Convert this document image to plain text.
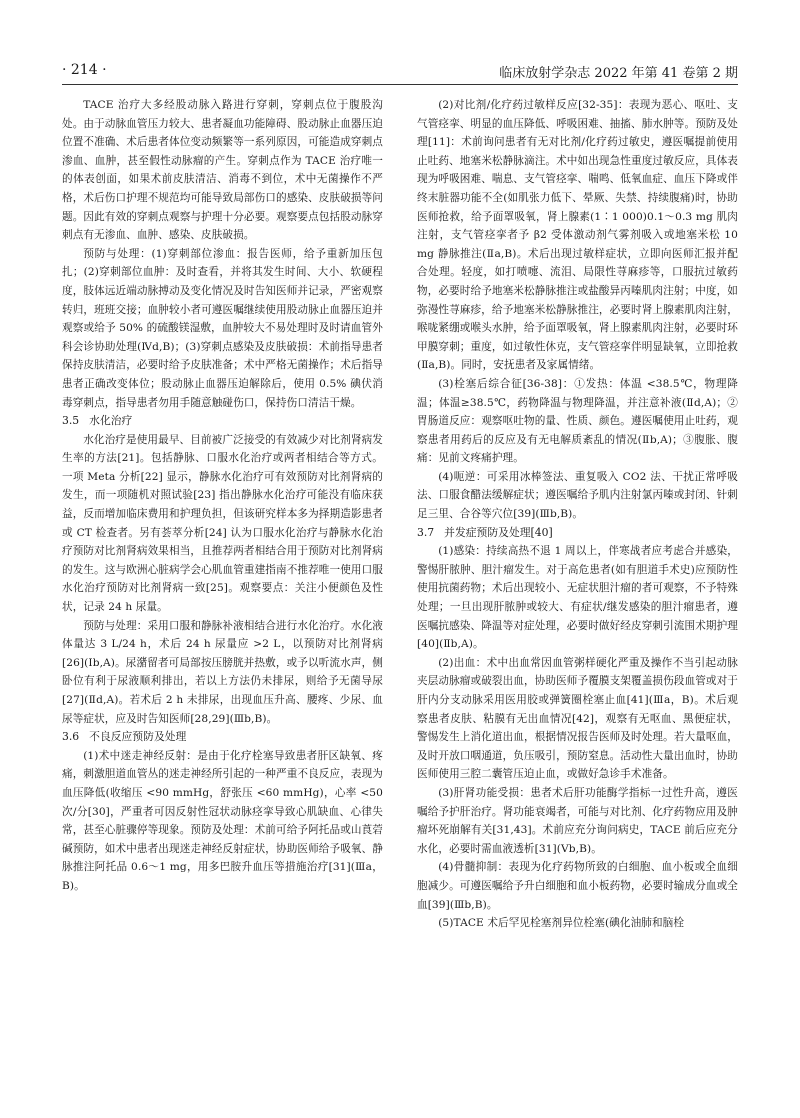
· 214 ·	临床放射学杂志 2022 年第 41 卷第 2 期

TACE 治疗大多经股动脉入路进行穿刺，穿刺点位于腹股沟处。由于动脉血管压力较大、患者凝血功能障碍、股动脉止血器压迫位置不准确、术后患者体位变动频繁等一系列原因，可能造成穿刺点渗血、血肿，甚至假性动脉瘤的产生。穿刺点作为 TACE 治疗唯一的体表创面，如果术前皮肤清洁、消毒不到位，术中无菌操作不严格，术后伤口护理不规范均可能导致局部伤口的感染、皮肤破损等问题。因此有效的穿刺点观察与护理十分必要。观察要点包括股动脉穿刺点有无渗血、血肿、感染、皮肤破损。

预防与处理：(1)穿刺部位渗血：报告医师，给予重新加压包扎；(2)穿刺部位血肿：及时查看，并将其发生时间、大小、软硬程度，肢体远近端动脉搏动及变化情况及时告知医师并记录，严密观察转归，班班交接；血肿较小者可遵医嘱继续使用股动脉止血器压迫并观察或给予 50% 的硫酸镁湿敷，血肿较大不易处理时及时请血管外科会诊协助处理(Ⅳd,B)；(3)穿刺点感染及皮肤破损：术前指导患者保持皮肤清洁，必要时给予皮肤准备；术中严格无菌操作；术后指导患者正确改变体位；股动脉止血器压迫解除后，使用 0.5% 碘伏消毒穿刺点，指导患者勿用手随意触碰伤口，保持伤口清洁干燥。

3.5 水化治疗

水化治疗是使用最早、目前被广泛接受的有效减少对比剂肾病发生率的方法[21]。包括静脉、口服水化治疗或两者相结合等方式。一项 Meta 分析[22] 显示，静脉水化治疗可有效预防对比剂肾病的发生，而一项随机对照试验[23] 指出静脉水化治疗可能没有临床获益，反而增加临床费用和护理负担，但该研究样本多为择期造影患者或 CT 检查者。另有荟萃分析[24] 认为口服水化治疗与静脉水化治疗预防对比剂肾病效果相当，且推荐两者相结合用于预防对比剂肾病的发生。这与欧洲心脏病学会心肌血管重建指南不推荐唯一使用口服水化治疗预防对比剂肾病一致[25]。观察要点：关注小便颜色及性状，记录 24 h 尿量。

预防与处理：采用口服和静脉补液相结合进行水化治疗。水化液体量达 3 L/24 h，术后 24 h 尿量应 >2 L，以预防对比剂肾病[26](Ⅰb,A)。尿潴留者可局部按压膀胱并热敷，或予以听流水声，侧卧位有利于尿液顺利排出，若以上方法仍未排尿，则给予无菌导尿[27](Ⅱd,A)。若术后 2 h 未排尿，出现血压升高、腰疼、少尿、血尿等症状，应及时告知医师[28,29](Ⅲb,B)。

3.6 不良反应预防及处理

(1)术中迷走神经反射：是由于化疗栓塞导致患者肝区缺氧、疼痛，刺激胆道血管丛的迷走神经所引起的一种严重不良反应，表现为血压降低(收缩压 <90 mmHg，舒张压 <60 mmHg)，心率 <50 次/分[30]，严重者可因反射性冠状动脉痉挛导致心肌缺血、心律失常，甚至心脏骤停等现象。预防及处理：术前可给予阿托品或山莨菪碱预防，如术中患者出现迷走神经反射症状，协助医师给予吸氧、静脉推注阿托品 0.6～1 mg，用多巴胺升血压等措施治疗[31](Ⅲa，B)。

(2)对比剂/化疗药过敏样反应[32-35]：表现为恶心、呕吐、支气管痉挛、明显的血压降低、呼吸困难、抽搐、肺水肿等。预防及处理[11]：术前询问患者有无对比剂/化疗药过敏史，遵医嘱提前使用止吐药、地塞米松静脉滴注。术中如出现急性重度过敏反应，具体表现为呼吸困难、喘息、支气管痉挛、喘鸣、低氧血症、血压下降或伴终末脏器功能不全(如肌张力低下、晕厥、失禁、持续腹痛)时，协助医师抢救，给予面罩吸氧，肾上腺素(1∶1 000)0.1～0.3 mg 肌肉注射，支气管痉挛者予 β2 受体激动剂气雾剂吸入或地塞米松 10 mg 静脉推注(Ⅱa,B)。术后出现过敏样症状，立即向医师汇报并配合处理。轻度，如打喷嚏、流泪、局限性荨麻疹等，口服抗过敏药物，必要时给予地塞米松静脉推注或盐酸异丙嗪肌肉注射；中度，如弥漫性荨麻疹，给予地塞米松静脉推注，必要时肾上腺素肌肉注射，喉咙紧绷或喉头水肿，给予面罩吸氧，肾上腺素肌肉注射，必要时环甲膜穿刺；重度，如过敏性休克，支气管痉挛伴明显缺氧，立即抢救(Ⅱa,B)。同时，安抚患者及家属情绪。

(3)栓塞后综合征[36-38]：①发热：体温 <38.5℃，物理降温；体温≥38.5℃，药物降温与物理降温，并注意补液(Ⅱd,A)；②胃肠道反应：观察呕吐物的量、性质、颜色。遵医嘱使用止吐药，观察患者用药后的反应及有无电解质紊乱的情况(Ⅱb,A)；③腹胀、腹痛：见前文疼痛护理。

(4)呃逆：可采用冰棒签法、重复吸入 CO2 法、干扰正常呼吸法、口服食醋法缓解症状；遵医嘱给予肌内注射氯丙嗪或封闭、针刺足三里、合谷等穴位[39](Ⅲb,B)。

3.7 并发症预防及处理[40]

(1)感染：持续高热不退 1 周以上，伴寒战者应考虑合并感染，警惕肝脓肿、胆汁瘤发生。对于高危患者(如有胆道手术史)应预防性使用抗菌药物；术后出现较小、无症状胆汁瘤的者可观察，不予特殊处理；一旦出现肝脓肿或较大、有症状/继发感染的胆汁瘤患者，遵医嘱抗感染、降温等对症处理，必要时做好经皮穿刺引流围术期护理[40](Ⅱb,A)。

(2)出血：术中出血常因血管粥样硬化严重及操作不当引起动脉夹层动脉瘤或破裂出血，协助医师予覆膜支架覆盖损伤段血管或对于肝内分支动脉采用医用胶或弹簧圈栓塞止血[41](Ⅲa，B)。术后观察患者皮肤、粘膜有无出血情况[42]，观察有无呕血、黑便症状，警惕发生上消化道出血，根据情况报告医师及时处理。若大量呕血，及时开放口咽通道，负压吸引，预防窒息。活动性大量出血时，协助医师使用三腔二囊管压迫止血，或做好急诊手术准备。

(3)肝肾功能受损：患者术后肝功能酶学指标一过性升高，遵医嘱给予护肝治疗。肾功能衰竭者，可能与对比剂、化疗药物应用及肿瘤坏死崩解有关[31,43]。术前应充分询问病史，TACE 前后应充分水化，必要时需血液透析[31](Ⅴb,B)。

(4)骨髓抑制：表现为化疗药物所致的白细胞、血小板或全血细胞减少。可遵医嘱给予升白细胞和血小板药物，必要时输成分血或全血[39](Ⅲb,B)。

(5)TACE 术后罕见栓塞剂异位栓塞(碘化油肺和脑栓
